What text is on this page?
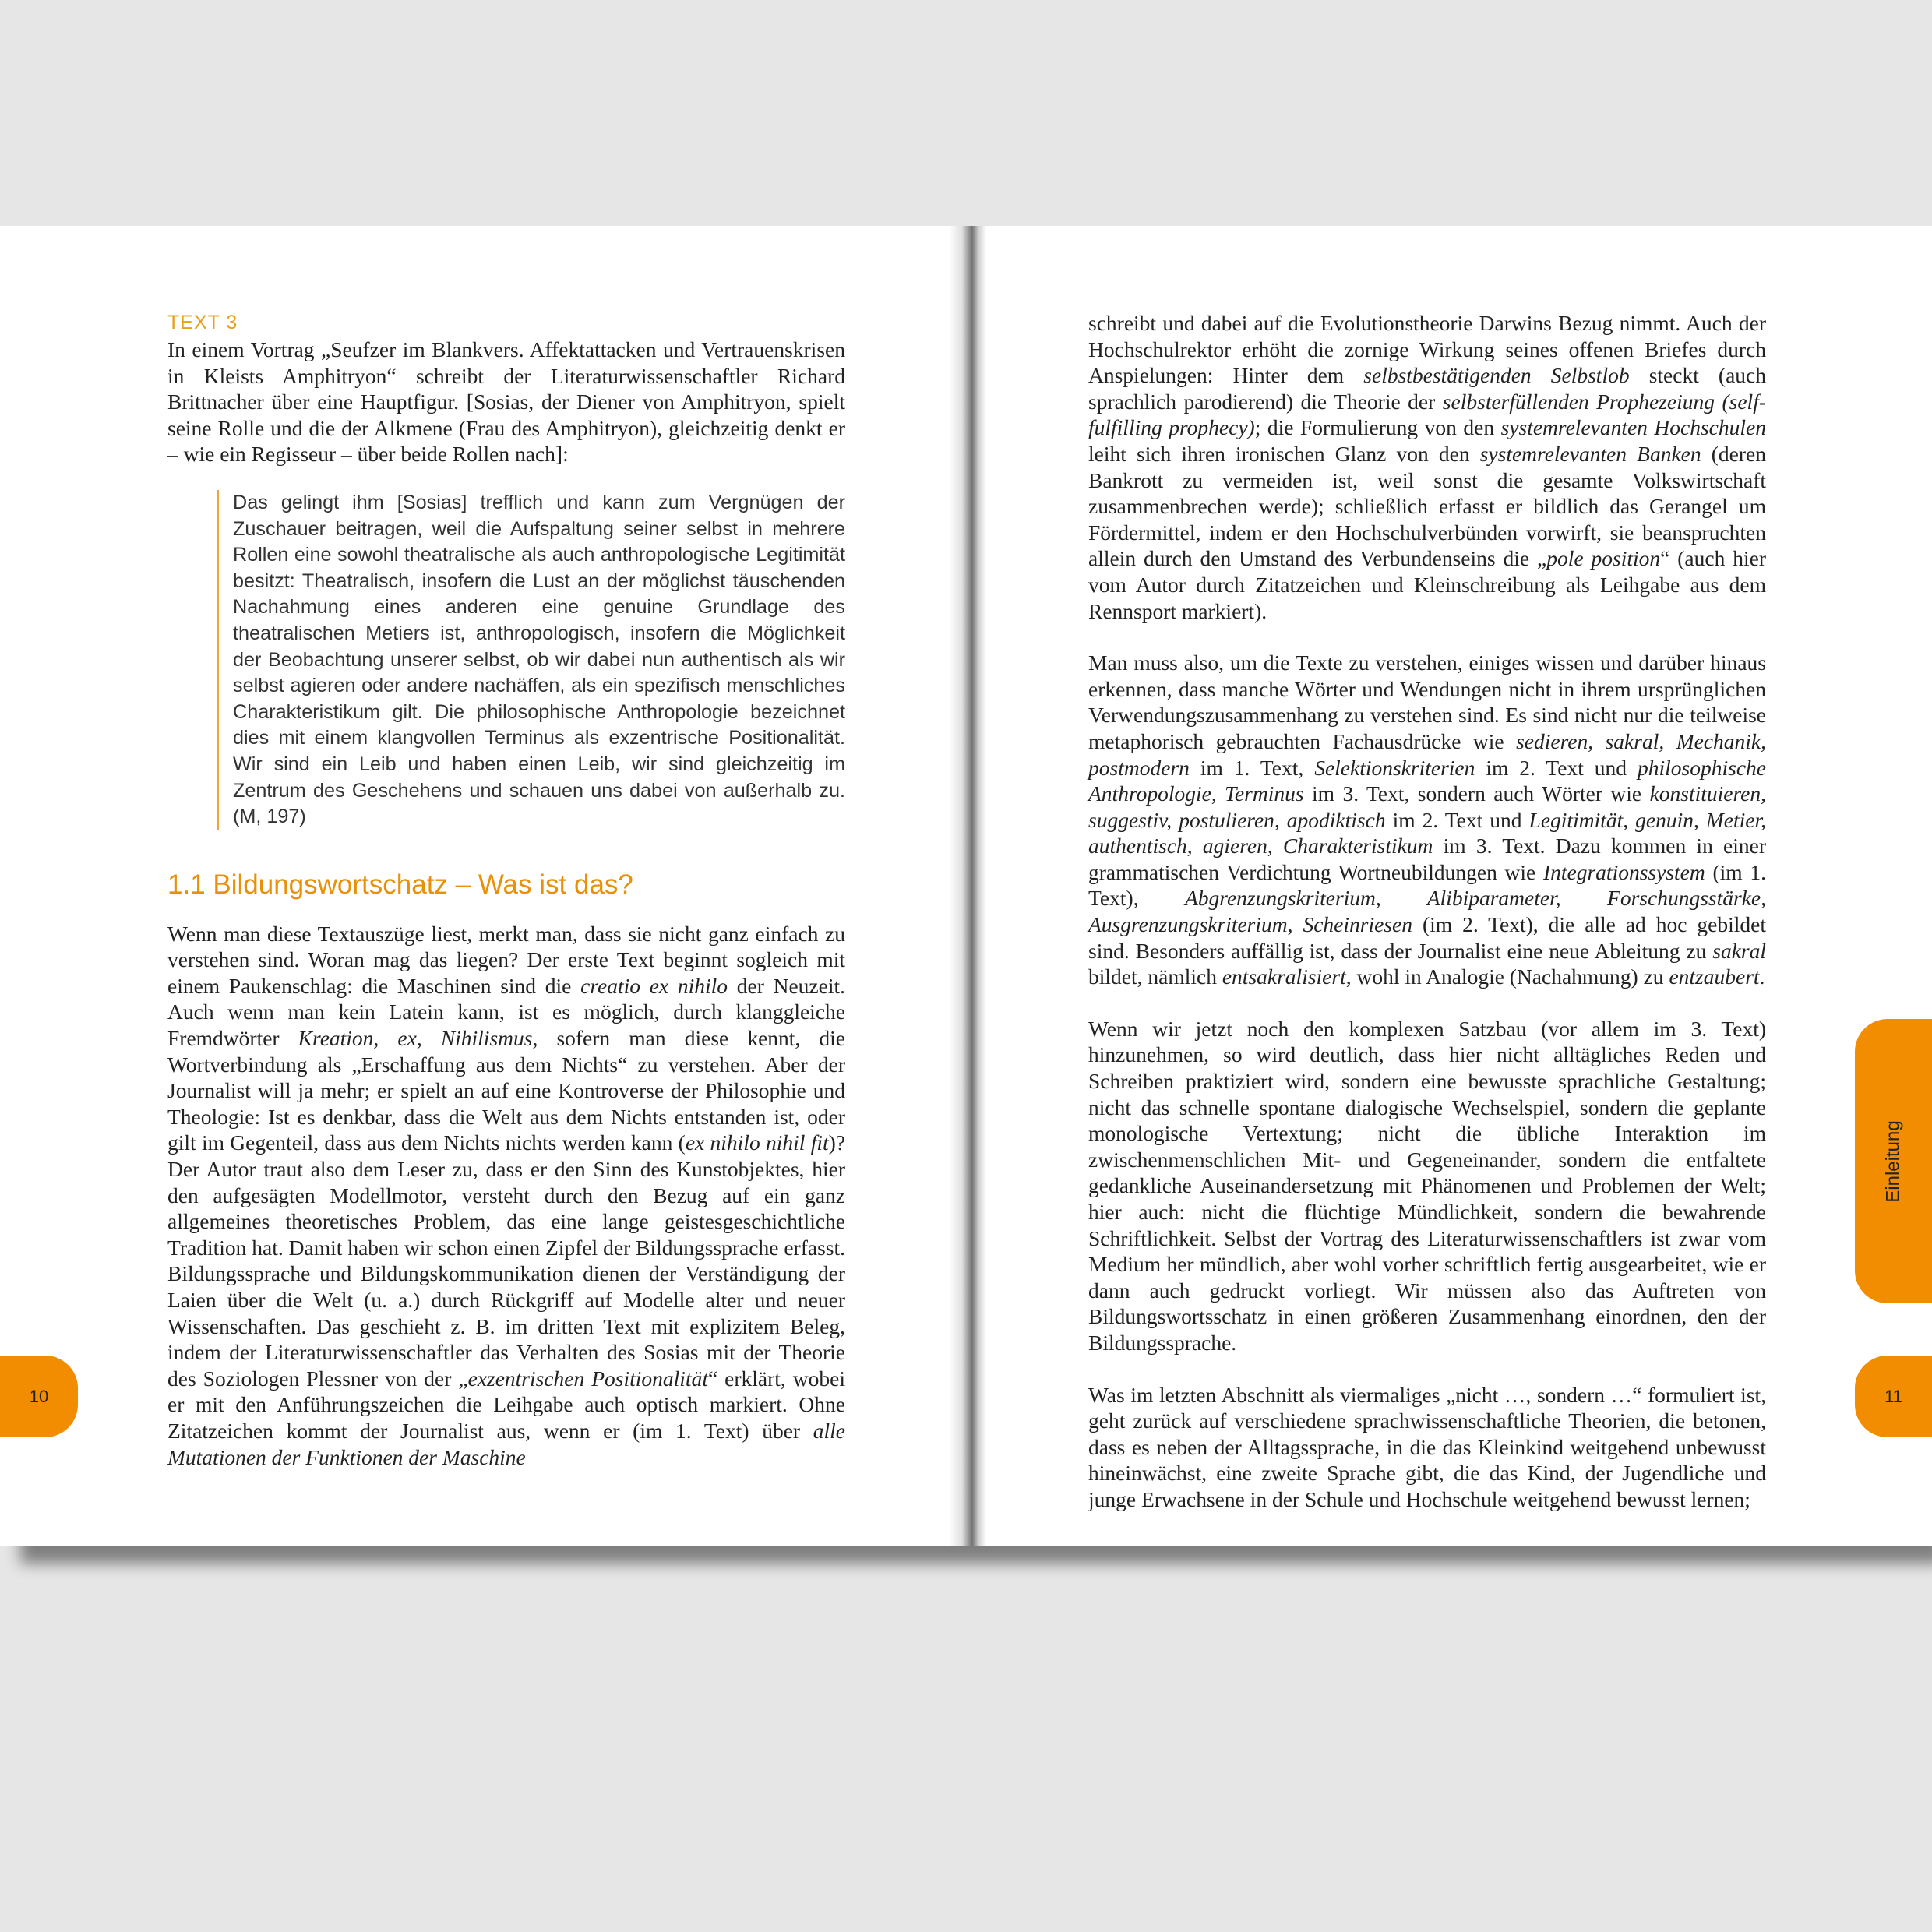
TEXT 3

In einem Vortrag „Seufzer im Blankvers. Affektattacken und Vertrauenskrisen in Kleists Amphitryon“ schreibt der Literaturwissenschaftler Richard Brittnacher über eine Hauptfigur. [Sosias, der Diener von Amphitryon, spielt seine Rolle und die der Alkmene (Frau des Amphitryon), gleichzeitig denkt er – wie ein Regisseur – über beide Rollen nach]:

Das gelingt ihm [Sosias] trefflich und kann zum Vergnügen der Zuschauer beitragen, weil die Aufspaltung seiner selbst in mehrere Rollen eine sowohl theatralische als auch anthropologische Legitimität besitzt: Theatralisch, insofern die Lust an der möglichst täuschenden Nachahmung eines anderen eine genuine Grundlage des theatralischen Metiers ist, anthropologisch, insofern die Möglichkeit der Beobachtung unserer selbst, ob wir dabei nun authentisch als wir selbst agieren oder andere nachäffen, als ein spezifisch menschliches Charakteristikum gilt. Die philosophische Anthropologie bezeichnet dies mit einem klangvollen Terminus als exzentrische Positionalität. Wir sind ein Leib und haben einen Leib, wir sind gleichzeitig im Zentrum des Geschehens und schauen uns dabei von außerhalb zu. (M, 197)

1.1 Bildungswortschatz – Was ist das?

Wenn man diese Textauszüge liest, merkt man, dass sie nicht ganz einfach zu verstehen sind. Woran mag das liegen? Der erste Text beginnt sogleich mit einem Paukenschlag: die Maschinen sind die creatio ex nihilo der Neuzeit. Auch wenn man kein Latein kann, ist es möglich, durch klanggleiche Fremdwörter Kreation, ex, Nihilismus, sofern man diese kennt, die Wortverbindung als „Erschaffung aus dem Nichts“ zu verstehen. Aber der Journalist will ja mehr; er spielt an auf eine Kontroverse der Philosophie und Theologie: Ist es denkbar, dass die Welt aus dem Nichts entstanden ist, oder gilt im Gegenteil, dass aus dem Nichts nichts werden kann (ex nihilo nihil fit)? Der Autor traut also dem Leser zu, dass er den Sinn des Kunstobjektes, hier den aufgesägten Modellmotor, versteht durch den Bezug auf ein ganz allgemeines theoretisches Problem, das eine lange geistesgeschichtliche Tradition hat. Damit haben wir schon einen Zipfel der Bildungssprache erfasst. Bildungssprache und Bildungskommunikation dienen der Verständigung der Laien über die Welt (u. a.) durch Rückgriff auf Modelle alter und neuer Wissenschaften. Das geschieht z. B. im dritten Text mit explizitem Beleg, indem der Literaturwissenschaftler das Verhalten des Sosias mit der Theorie des Soziologen Plessner von der „exzentrischen Positionalität“ erklärt, wobei er mit den Anführungszeichen die Leihgabe auch optisch markiert. Ohne Zitatzeichen kommt der Journalist aus, wenn er (im 1. Text) über alle Mutationen der Funktionen der Maschine

schreibt und dabei auf die Evolutionstheorie Darwins Bezug nimmt. Auch der Hochschulrektor erhöht die zornige Wirkung seines offenen Briefes durch Anspielungen: Hinter dem selbstbestätigenden Selbstlob steckt (auch sprachlich parodierend) die Theorie der selbsterfüllenden Prophezeiung (self-fulfilling prophecy); die Formulierung von den systemrelevanten Hochschulen leiht sich ihren ironischen Glanz von den systemrelevanten Banken (deren Bankrott zu vermeiden ist, weil sonst die gesamte Volkswirtschaft zusammenbrechen werde); schließlich erfasst er bildlich das Gerangel um Fördermittel, indem er den Hochschulverbünden vorwirft, sie beanspruchten allein durch den Umstand des Verbundenseins die „pole position“ (auch hier vom Autor durch Zitatzeichen und Kleinschreibung als Leihgabe aus dem Rennsport markiert).

Man muss also, um die Texte zu verstehen, einiges wissen und darüber hinaus erkennen, dass manche Wörter und Wendungen nicht in ihrem ursprünglichen Verwendungszusammenhang zu verstehen sind. Es sind nicht nur die teilweise metaphorisch gebrauchten Fachausdrücke wie sedieren, sakral, Mechanik, postmodern im 1. Text, Selektionskriterien im 2. Text und philosophische Anthropologie, Terminus im 3. Text, sondern auch Wörter wie konstituieren, suggestiv, postulieren, apodiktisch im 2. Text und Legitimität, genuin, Metier, authentisch, agieren, Charakteristikum im 3. Text. Dazu kommen in einer grammatischen Verdichtung Wortneubildungen wie Integrationssystem (im 1. Text), Abgrenzungskriterium, Alibiparameter, Forschungsstärke, Ausgrenzungskriterium, Scheinriesen (im 2. Text), die alle ad hoc gebildet sind. Besonders auffällig ist, dass der Journalist eine neue Ableitung zu sakral bildet, nämlich entsakralisiert, wohl in Analogie (Nachahmung) zu entzaubert.

Wenn wir jetzt noch den komplexen Satzbau (vor allem im 3. Text) hinzunehmen, so wird deutlich, dass hier nicht alltägliches Reden und Schreiben praktiziert wird, sondern eine bewusste sprachliche Gestaltung; nicht das schnelle spontane dialogische Wechselspiel, sondern die geplante monologische Vertextung; nicht die übliche Interaktion im zwischenmenschlichen Mit- und Gegeneinander, sondern die entfaltete gedankliche Auseinandersetzung mit Phänomenen und Problemen der Welt; hier auch: nicht die flüchtige Mündlichkeit, sondern die bewahrende Schriftlichkeit. Selbst der Vortrag des Literaturwissenschaftlers ist zwar vom Medium her mündlich, aber wohl vorher schriftlich fertig ausgearbeitet, wie er dann auch gedruckt vorliegt. Wir müssen also das Auftreten von Bildungswortsschatz in einen größeren Zusammenhang einordnen, den der Bildungssprache.

Was im letzten Abschnitt als viermaliges „nicht …, sondern …“ formuliert ist, geht zurück auf verschiedene sprachwissenschaftliche Theorien, die betonen, dass es neben der Alltagssprache, in die das Kleinkind weitgehend unbewusst hineinwächst, eine zweite Sprache gibt, die das Kind, der Jugendliche und junge Erwachsene in der Schule und Hochschule weitgehend bewusst lernen;

10	11
Einleitung
